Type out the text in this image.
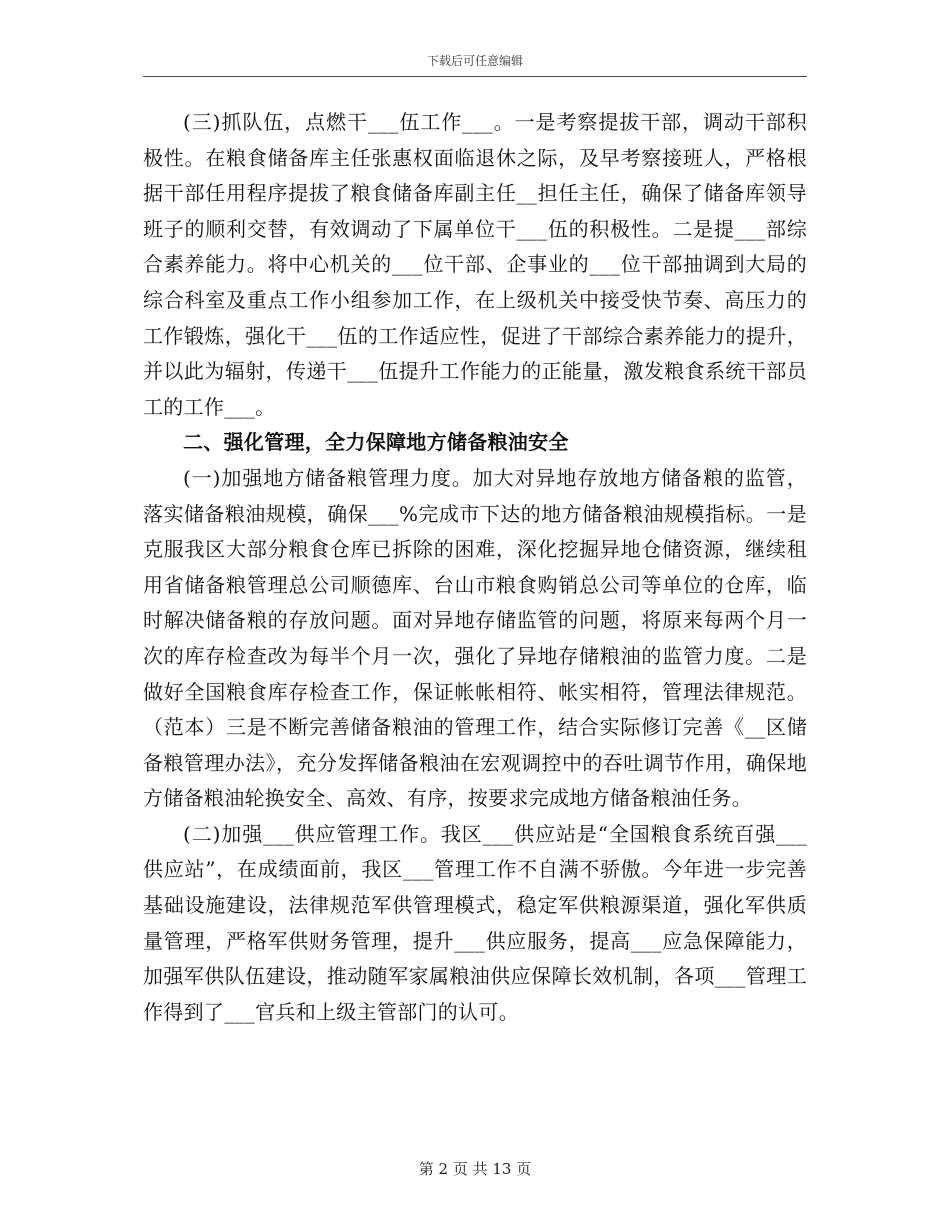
下载后可任意编辑

(三)抓队伍，点燃干___伍工作___。一是考察提拔干部，调动干部积极性。在粮食储备库主任张惠权面临退休之际，及早考察接班人，严格根据干部任用程序提拔了粮食储备库副主任__担任主任，确保了储备库领导班子的顺利交替，有效调动了下属单位干___伍的积极性。二是提___部综合素养能力。将中心机关的___位干部、企事业的___位干部抽调到大局的综合科室及重点工作小组参加工作，在上级机关中接受快节奏、高压力的工作锻炼，强化干___伍的工作适应性，促进了干部综合素养能力的提升，并以此为辐射，传递干___伍提升工作能力的正能量，激发粮食系统干部员工的工作___。

二、强化管理，全力保障地方储备粮油安全

(一)加强地方储备粮管理力度。加大对异地存放地方储备粮的监管，落实储备粮油规模，确保___%完成市下达的地方储备粮油规模指标。一是克服我区大部分粮食仓库已拆除的困难，深化挖掘异地仓储资源，继续租用省储备粮管理总公司顺德库、台山市粮食购销总公司等单位的仓库，临时解决储备粮的存放问题。面对异地存储监管的问题，将原来每两个月一次的库存检查改为每半个月一次，强化了异地存储粮油的监管力度。二是做好全国粮食库存检查工作，保证帐帐相符、帐实相符，管理法律规范。（范本）三是不断完善储备粮油的管理工作，结合实际修订完善《__区储备粮管理办法》，充分发挥储备粮油在宏观调控中的吞吐调节作用，确保地方储备粮油轮换安全、高效、有序，按要求完成地方储备粮油任务。

(二)加强___供应管理工作。我区___供应站是“全国粮食系统百强___供应站”，在成绩面前，我区___管理工作不自满不骄傲。今年进一步完善基础设施建设，法律规范军供管理模式，稳定军供粮源渠道，强化军供质量管理，严格军供财务管理，提升___供应服务，提高___应急保障能力，加强军供队伍建设，推动随军家属粮油供应保障长效机制，各项___管理工作得到了___官兵和上级主管部门的认可。

第 2 页 共 13 页
